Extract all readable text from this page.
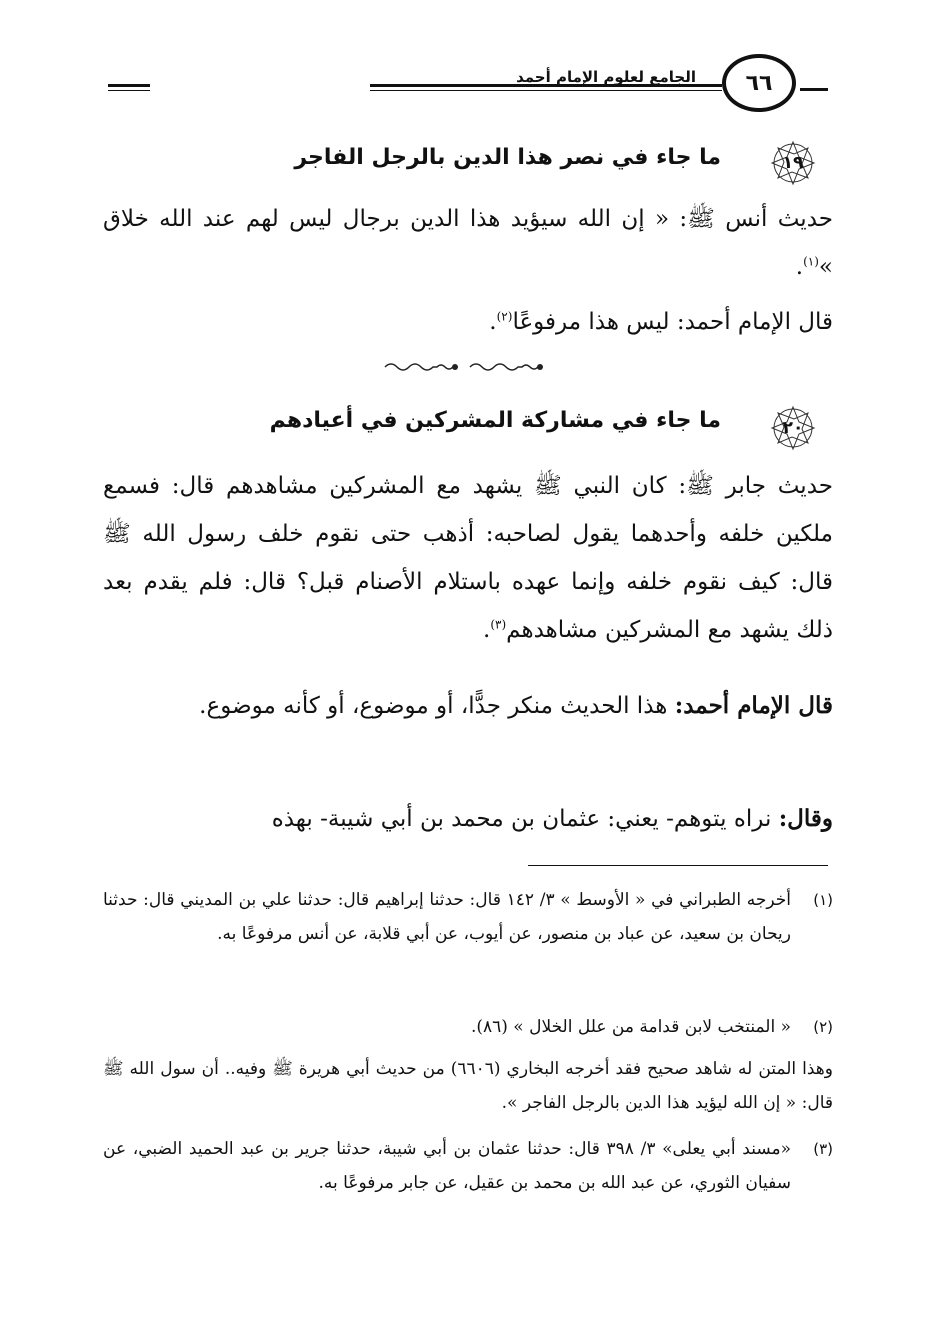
٦٦
الجامع لعلوم الإمام أحمد
١٩
ما جاء في نصر هذا الدين بالرجل الفاجر
حديث أنس ﷺ: « إن الله سيؤيد هذا الدين برجال ليس لهم عند الله خلاق »$^{(١)}$.
قال الإمام أحمد: ليس هذا مرفوعًا$^{(٢)}$.
٢٠
ما جاء في مشاركة المشركين في أعيادهم
حديث جابر ﷺ: كان النبي ﷺ يشهد مع المشركين مشاهدهم قال: فسمع ملكين خلفه وأحدهما يقول لصاحبه: أذهب حتى نقوم خلف رسول الله ﷺ قال: كيف نقوم خلفه وإنما عهده باستلام الأصنام قبل؟ قال: فلم يقدم بعد ذلك يشهد مع المشركين مشاهدهم$^{(٣)}$.
قال الإمام أحمد: هذا الحديث منكر جدًّا، أو موضوع، أو كأنه موضوع.
وقال: نراه يتوهم- يعني: عثمان بن محمد بن أبي شيبة- بهذه
(١)
أخرجه الطبراني في « الأوسط » ٣/ ١٤٢ قال: حدثنا إبراهيم قال: حدثنا علي بن المديني قال: حدثنا ريحان بن سعيد، عن عباد بن منصور، عن أيوب، عن أبي قلابة، عن أنس مرفوعًا به.
(٢)
« المنتخب لابن قدامة من علل الخلال » (٨٦).
وهذا المتن له شاهد صحيح فقد أخرجه البخاري (٦٦٠٦) من حديث أبي هريرة ﷺ وفيه.. أن سول الله ﷺ قال: « إن الله ليؤيد هذا الدين بالرجل الفاجر ».
(٣)
«مسند أبي يعلى» ٣/ ٣٩٨ قال: حدثنا عثمان بن أبي شيبة، حدثنا جرير بن عبد الحميد الضبي، عن سفيان الثوري، عن عبد الله بن محمد بن عقيل، عن جابر مرفوعًا به.
